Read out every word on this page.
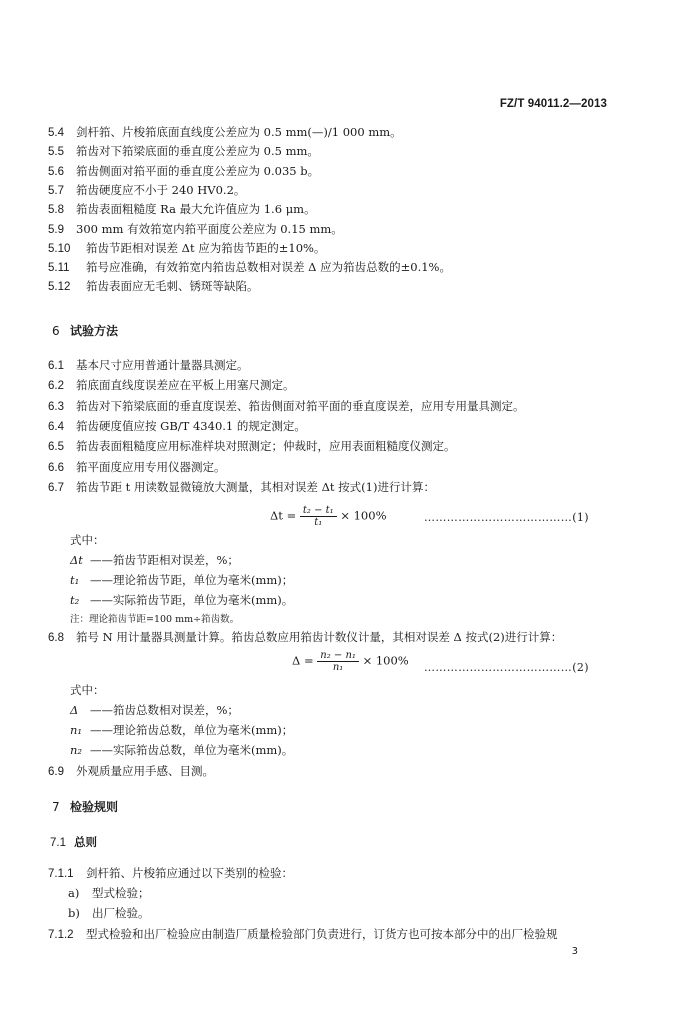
FZ/T 94011.2—2013
5.4 剑杆筘、片梭筘底面直线度公差应为 0.5 mm(—)/1 000 mm。
5.5 筘齿对下筘梁底面的垂直度公差应为 0.5 mm。
5.6 筘齿侧面对筘平面的垂直度公差应为 0.035 b。
5.7 筘齿硬度应不小于 240 HV0.2。
5.8 筘齿表面粗糙度 Ra 最大允许值应为 1.6 μm。
5.9 300 mm 有效筘宽内筘平面度公差应为 0.15 mm。
5.10 筘齿节距相对误差 Δt 应为筘齿节距的±10%。
5.11 筘号应准确，有效筘宽内筘齿总数相对误差 Δ 应为筘齿总数的±0.1%。
5.12 筘齿表面应无毛刺、锈斑等缺陷。
6 试验方法
6.1 基本尺寸应用普通计量器具测定。
6.2 筘底面直线度误差应在平板上用塞尺测定。
6.3 筘齿对下筘梁底面的垂直度误差、筘齿侧面对筘平面的垂直度误差，应用专用量具测定。
6.4 筘齿硬度值应按 GB/T 4340.1 的规定测定。
6.5 筘齿表面粗糙度应用标准样块对照测定；仲裁时，应用表面粗糙度仪测定。
6.6 筘平面度应用专用仪器测定。
6.7 筘齿节距 t 用读数显微镜放大测量，其相对误差 Δt 按式(1)进行计算：
$\Delta t = \frac{\text{t₂ − t₁}}{\text{t₁}} \times 100\%$	…………………………………(1)
式中：
Δt ——筘齿节距相对误差，%；
t₁ ——理论筘齿节距，单位为毫米(mm)；
t₂ ——实际筘齿节距，单位为毫米(mm)。
注：理论筘齿节距=100 mm÷筘齿数。
6.8 筘号 N 用计量器具测量计算。筘齿总数应用筘齿计数仪计量，其相对误差 Δ 按式(2)进行计算：
$\Delta = \frac{\text{n₂ − n₁}}{\text{n₁}} \times 100\%$ …………………………………(2)
式中：
Δ ——筘齿总数相对误差，%；
n₁ ——理论筘齿总数，单位为毫米(mm)；
n₂ ——实际筘齿总数，单位为毫米(mm)。
6.9 外观质量应用手感、目测。
7 检验规则
7.1 总则
7.1.1 剑杆筘、片梭筘应通过以下类别的检验：
a) 型式检验；
b) 出厂检验。
7.1.2 型式检验和出厂检验应由制造厂质量检验部门负责进行，订货方也可按本部分中的出厂检验规
3
